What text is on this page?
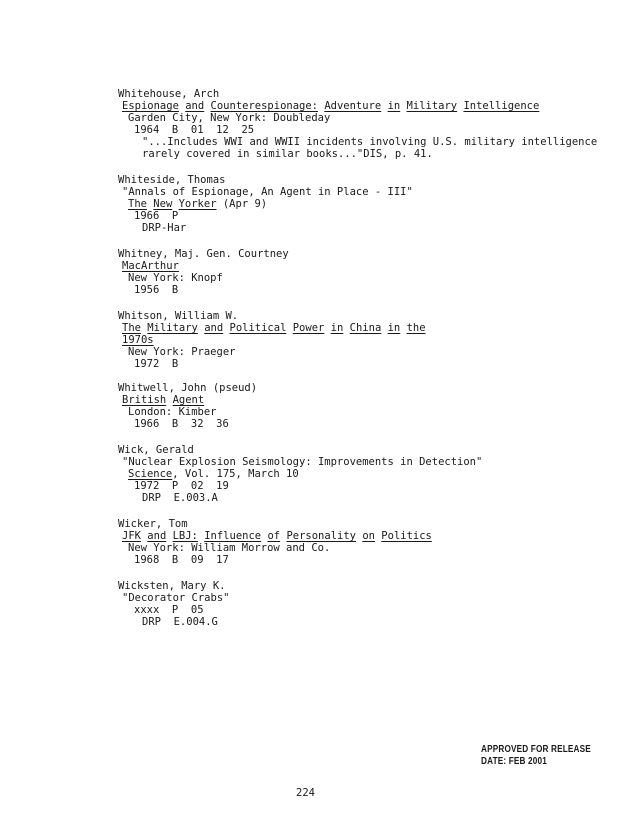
Whitehouse, Arch
Espionage and Counterespionage: Adventure in Military Intelligence
Garden City, New York: Doubleday
1964  B  01  12  25
"...Includes WWI and WWII incidents involving U.S. military intelligence
rarely covered in similar books..."DIS, p. 41.
Whiteside, Thomas
"Annals of Espionage, An Agent in Place - III"
The New Yorker (Apr 9)
1966  P
DRP-Har
Whitney, Maj. Gen. Courtney
MacArthur
New York: Knopf
1956  B
Whitson, William W.
The Military and Political Power in China in the
1970s
New York: Praeger
1972  B
Whitwell, John (pseud)
British Agent
London: Kimber
1966  B  32  36
Wick, Gerald
"Nuclear Explosion Seismology: Improvements in Detection"
Science, Vol. 175, March 10
1972  P  02  19
DRP  E.003.A
Wicker, Tom
JFK and LBJ: Influence of Personality on Politics
New York: William Morrow and Co.
1968  B  09  17
Wicksten, Mary K.
"Decorator Crabs"
xxxx  P  05
DRP  E.004.G
APPROVED FOR RELEASE
DATE: FEB 2001
224
